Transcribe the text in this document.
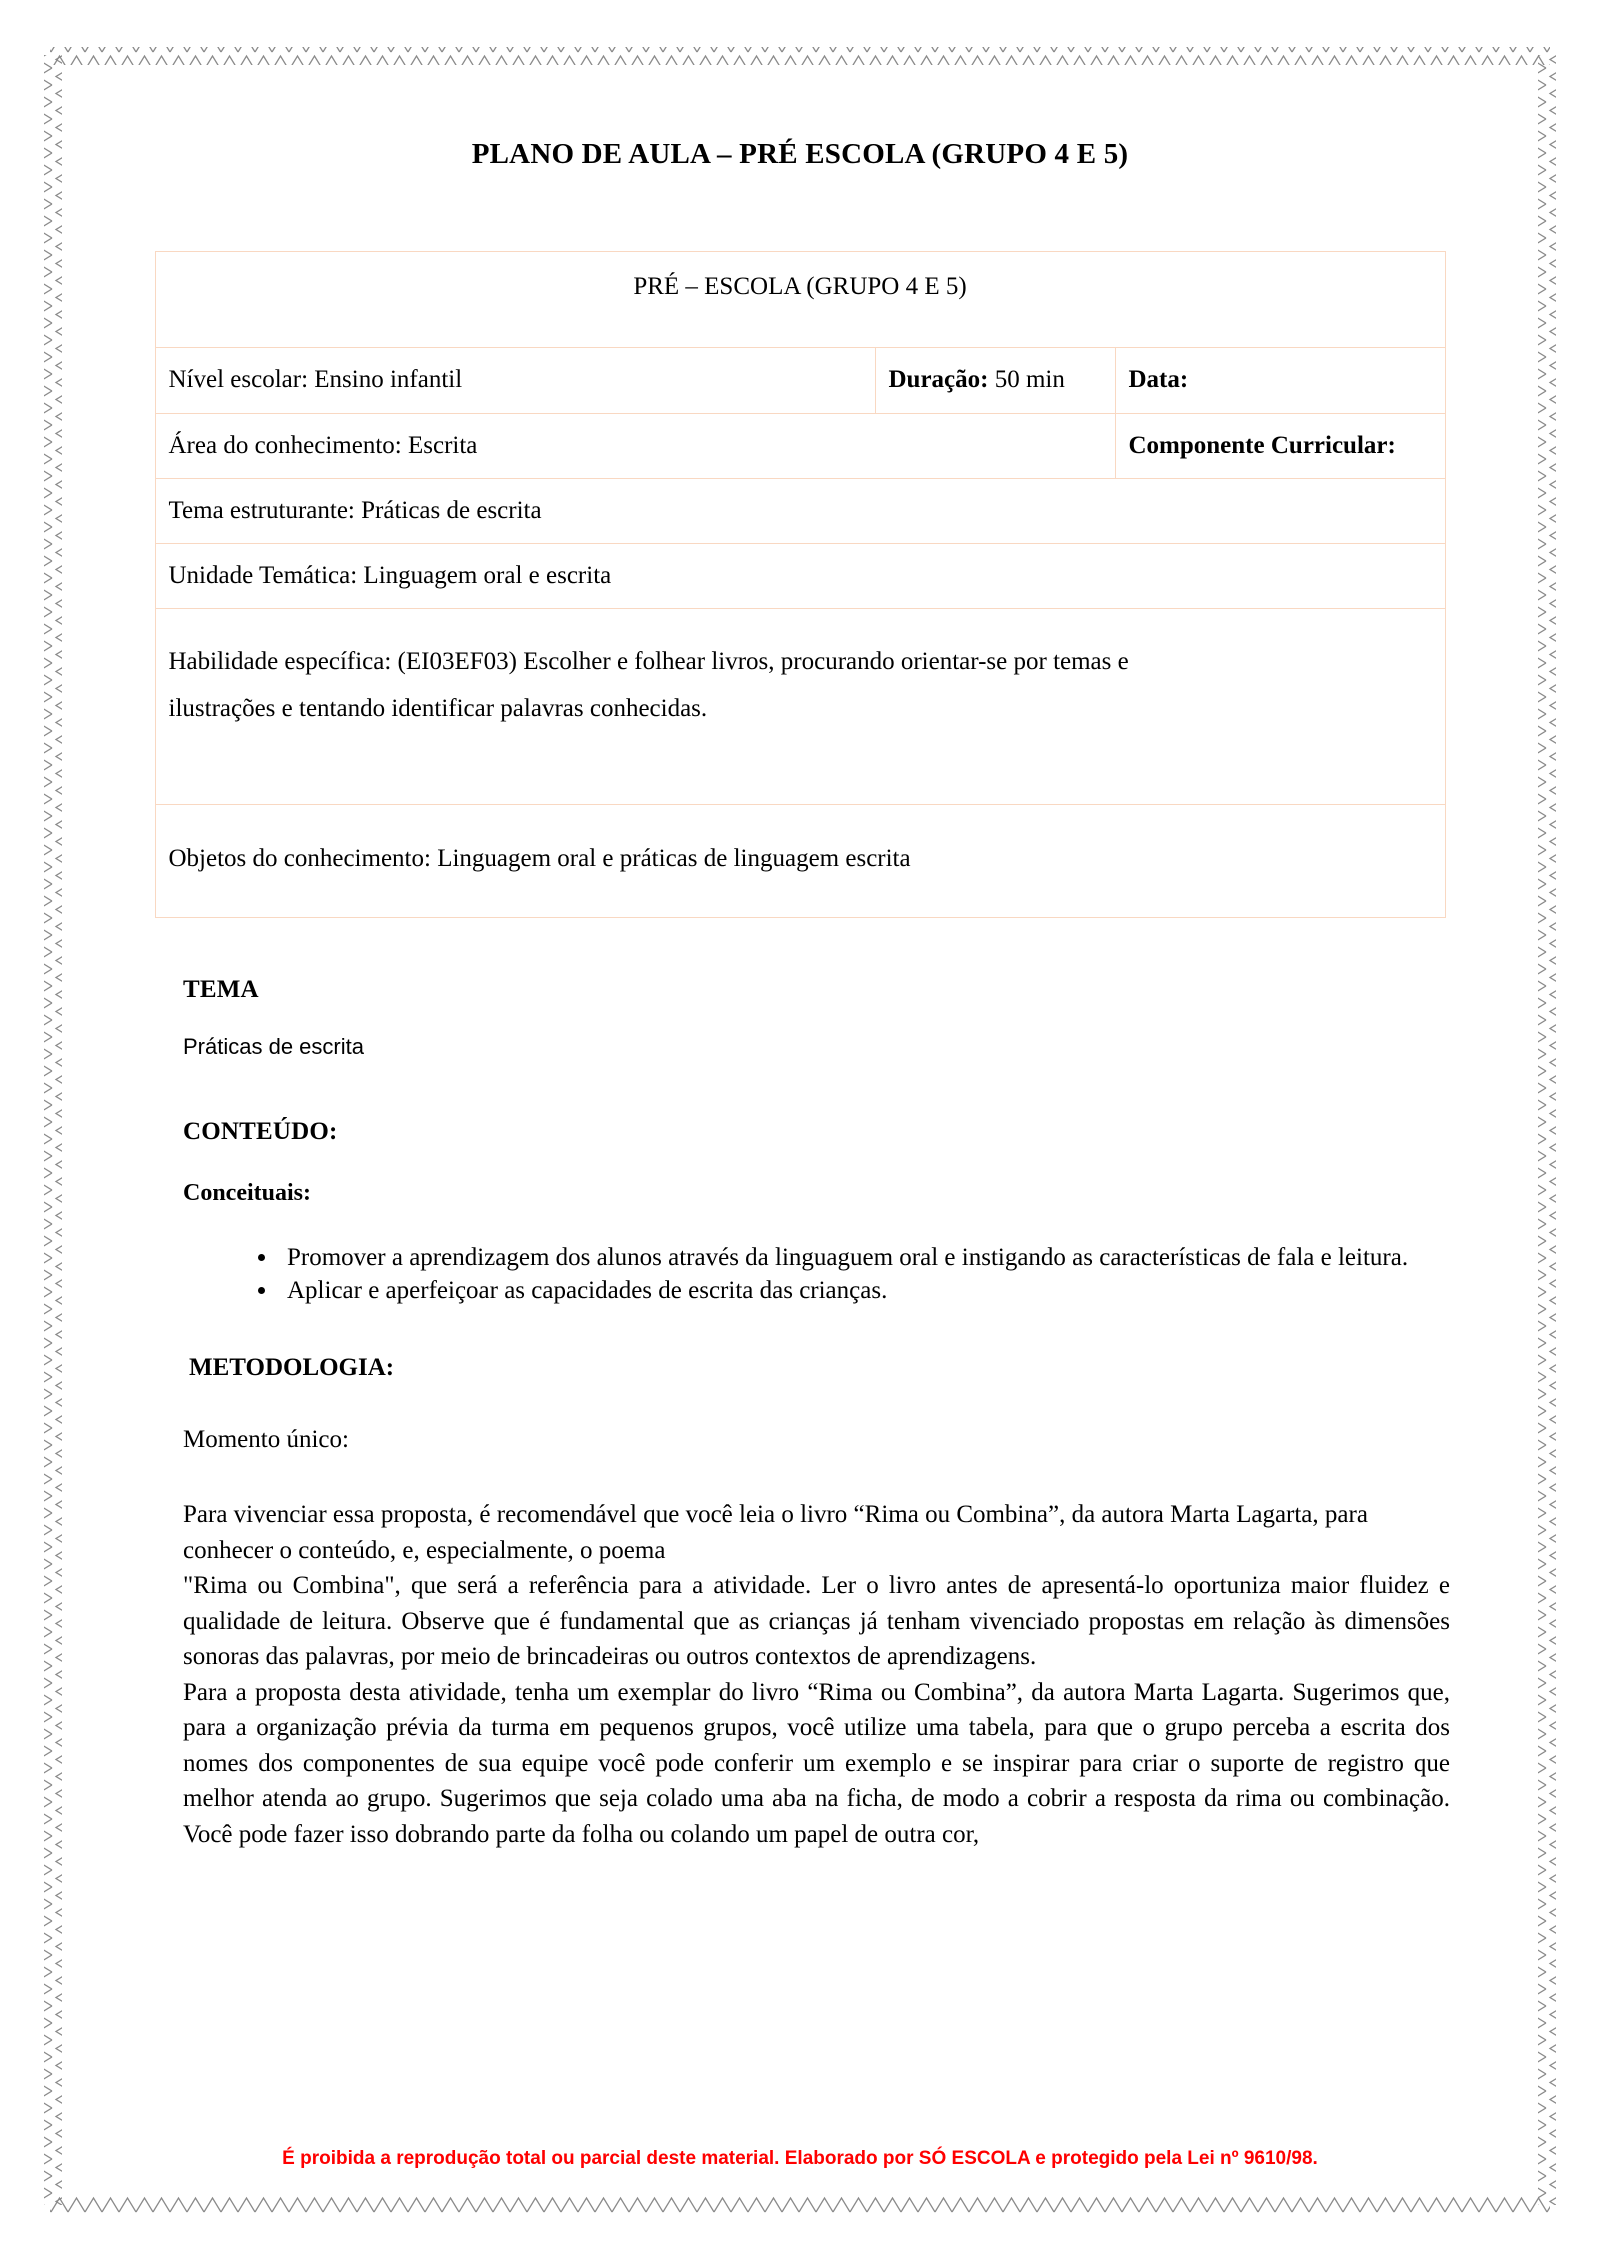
PLANO DE AULA – PRÉ ESCOLA (GRUPO 4 E 5)
PRÉ – ESCOLA (GRUPO 4 E 5)		
Nível escolar: Ensino infantil	Duração: 50 min	Data:
Área do conhecimento: Escrita		Componente Curricular:
Tema estruturante: Práticas de escrita		
Unidade Temática: Linguagem oral e escrita		

Habilidade específica: (EI03EF03) Escolher e folhear livros, procurando orientar-se por temas e
ilustrações e tentando identificar palavras conhecidas.		

Objetos do conhecimento: Linguagem oral e práticas de linguagem escrita		
TEMA

Práticas de escrita

CONTEÚDO:
Conceituais:
• Promover a aprendizagem dos alunos através da linguaguem oral e instigando as características de fala e leitura.
• Aplicar e aperfeiçoar as capacidades de escrita das crianças.
METODOLOGIA:

Momento único:

Para vivenciar essa proposta, é recomendável que você leia o livro “Rima ou Combina”, da autora Marta Lagarta, para conhecer o conteúdo, e, especialmente, o poema

"Rima ou Combina", que será a referência para a atividade. Ler o livro antes de apresentá-lo oportuniza maior fluidez e qualidade de leitura. Observe que é fundamental que as crianças já tenham vivenciado propostas em relação às dimensões sonoras das palavras, por meio de brincadeiras ou outros contextos de aprendizagens.

Para a proposta desta atividade, tenha um exemplar do livro “Rima ou Combina”, da autora Marta Lagarta. Sugerimos que, para a organização prévia da turma em pequenos grupos, você utilize uma tabela, para que o grupo perceba a escrita dos nomes dos componentes de sua equipe você pode conferir um exemplo e se inspirar para criar o suporte de registro que melhor atenda ao grupo. Sugerimos que seja colado uma aba na ficha, de modo a cobrir a resposta da rima ou combinação. Você pode fazer isso dobrando parte da folha ou colando um papel de outra cor,

É proibida a reprodução total ou parcial deste material. Elaborado por SÓ ESCOLA e protegido pela Lei nº 9610/98.
